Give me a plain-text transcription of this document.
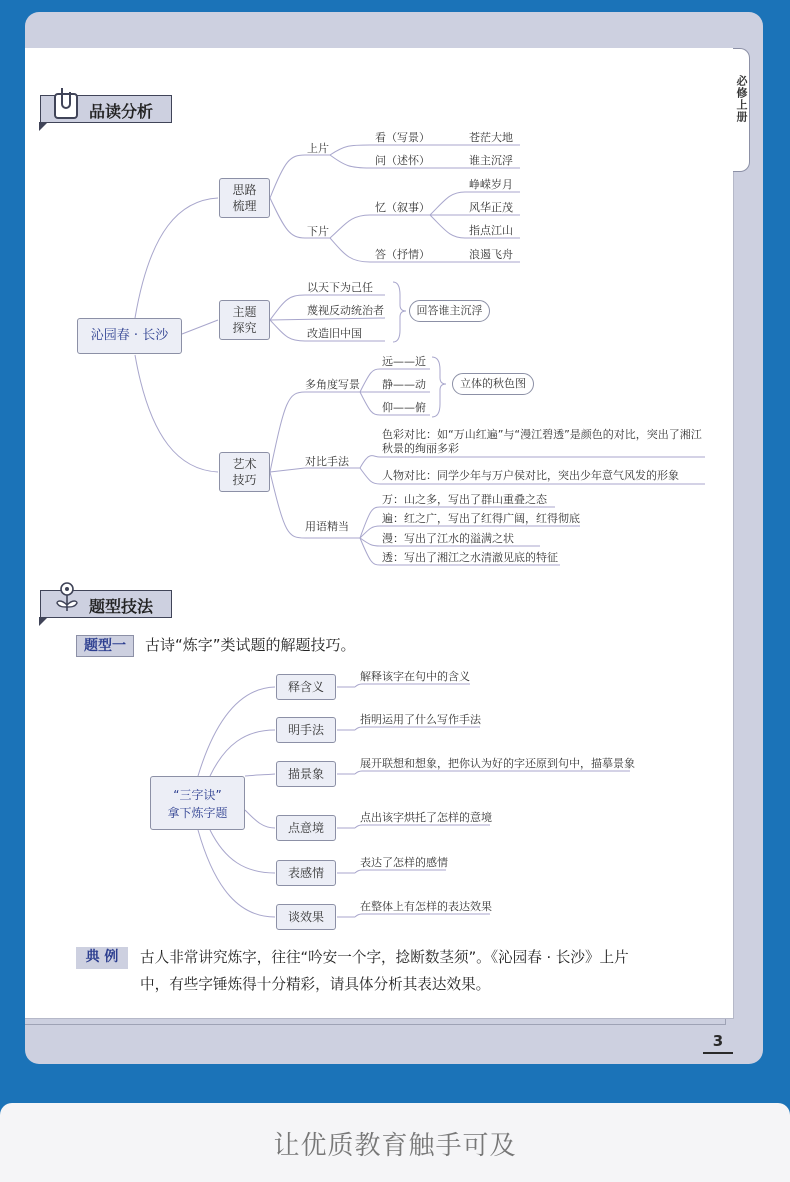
必修上册
3
品读分析
沁园春 · 长沙
思路
梳理
上片
下片
看（写景）	苍茫大地
问（述怀）	谁主沉浮
忆（叙事）
峥嵘岁月
风华正茂
指点江山
答（抒情）	浪遏飞舟
主题
探究
以天下为己任
蔑视反动统治者
改造旧中国
回答谁主沉浮
艺术
技巧
多角度写景
远——近
静——动
仰——俯
立体的秋色图
对比手法
色彩对比：如“万山红遍”与“漫江碧透”是颜色的对比，突出了湘江
秋景的绚丽多彩
人物对比：同学少年与万户侯对比，突出少年意气风发的形象
用语精当
万：山之多，写出了群山重叠之态
遍：红之广，写出了红得广阔，红得彻底
漫：写出了江水的溢满之状
透：写出了湘江之水清澈见底的特征
题型技法
题型一	古诗“炼字”类试题的解题技巧。
“三字诀”
拿下炼字题
释含义
解释该字在句中的含义
明手法
指明运用了什么写作手法
描景象
展开联想和想象，把你认为好的字还原到句中，描摹景象
点意境
点出该字烘托了怎样的意境
表感情
表达了怎样的感情
谈效果
在整体上有怎样的表达效果
典 例	古人非常讲究炼字，往往“吟安一个字，捻断数茎须”。《沁园春 · 长沙》上片
中，有些字锤炼得十分精彩，请具体分析其表达效果。
让优质教育触手可及
